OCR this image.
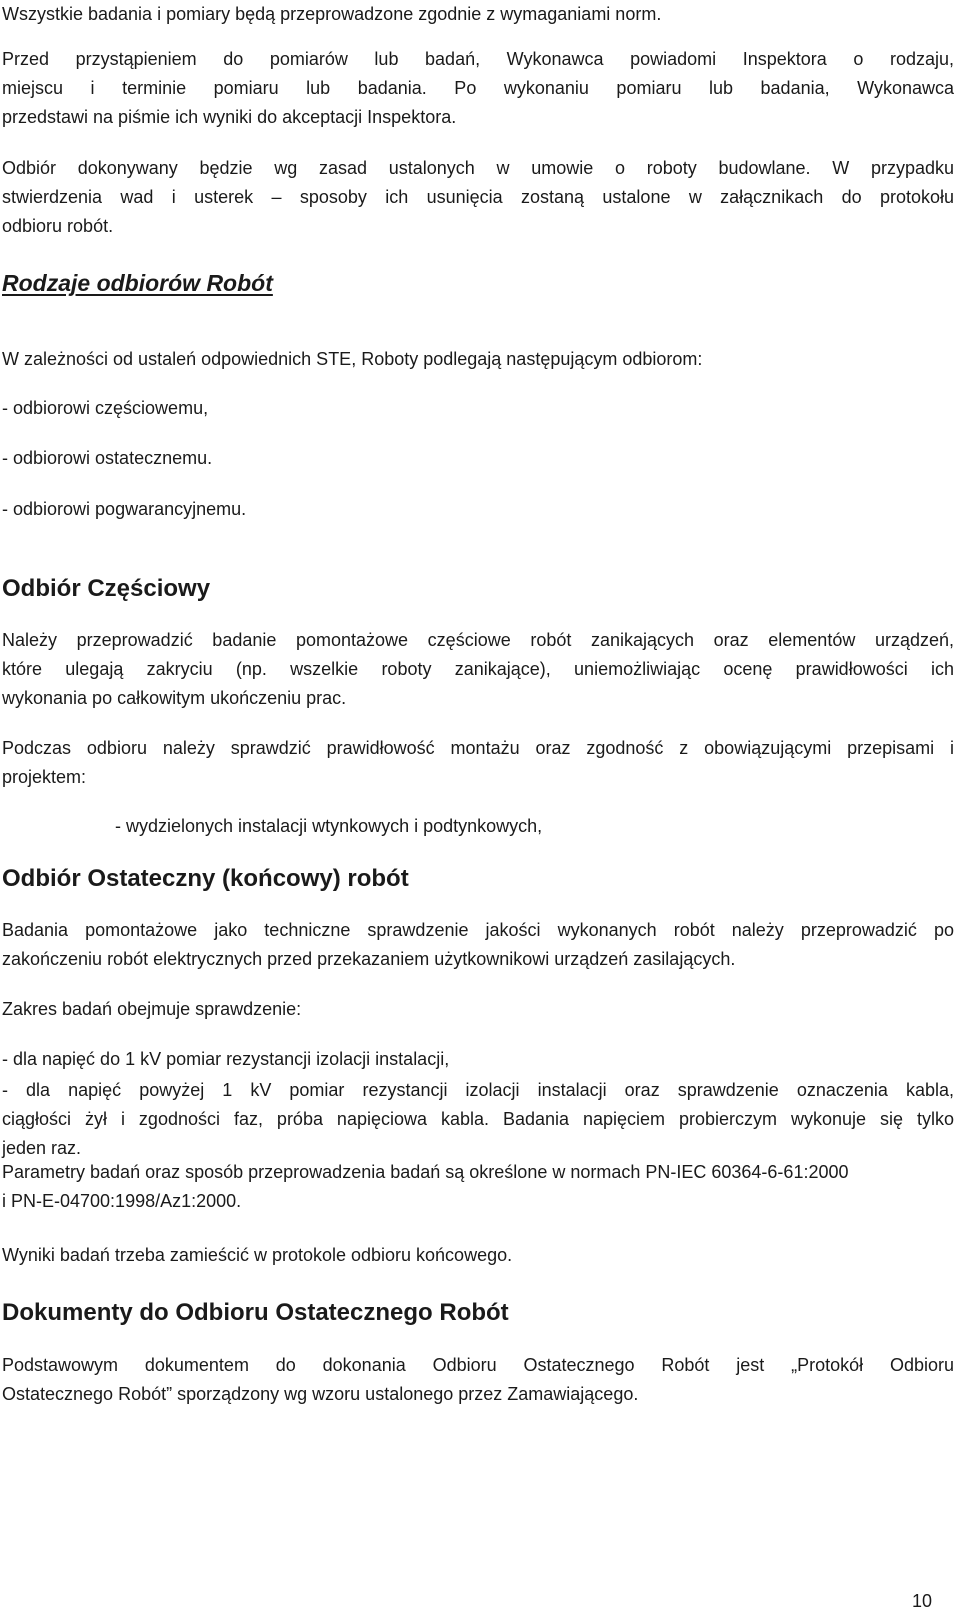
Wszystkie badania i pomiary będą przeprowadzone zgodnie z wymaganiami norm.

Przed przystąpieniem do pomiarów lub badań, Wykonawca powiadomi Inspektora o rodzaju,
miejscu i terminie pomiaru lub badania. Po wykonaniu pomiaru lub badania, Wykonawca
przedstawi na piśmie ich wyniki do akceptacji Inspektora.

Odbiór dokonywany będzie wg zasad ustalonych w umowie o roboty budowlane. W przypadku
stwierdzenia wad i usterek – sposoby ich usunięcia zostaną ustalone w załącznikach do protokołu
odbioru robót.

Rodzaje odbiorów Robót

W zależności od ustaleń odpowiednich STE, Roboty podlegają następującym odbiorom:

- odbiorowi częściowemu,

- odbiorowi ostatecznemu.

- odbiorowi pogwarancyjnemu.

Odbiór Częściowy

Należy przeprowadzić badanie pomontażowe częściowe robót zanikających oraz elementów urządzeń,
które ulegają zakryciu (np. wszelkie roboty zanikające), uniemożliwiając ocenę prawidłowości ich
wykonania po całkowitym ukończeniu prac.

Podczas odbioru należy sprawdzić prawidłowość montażu oraz zgodność z obowiązującymi przepisami i
projektem:

- wydzielonych instalacji wtynkowych i podtynkowych,

Odbiór Ostateczny (końcowy) robót

Badania pomontażowe jako techniczne sprawdzenie jakości wykonanych robót należy przeprowadzić po
zakończeniu robót elektrycznych przed przekazaniem użytkownikowi urządzeń zasilających.

Zakres badań obejmuje sprawdzenie:

- dla napięć do 1 kV pomiar rezystancji izolacji instalacji,

- dla napięć powyżej 1 kV pomiar rezystancji izolacji instalacji oraz sprawdzenie oznaczenia kabla,
ciągłości żył i zgodności faz, próba napięciowa kabla. Badania napięciem probierczym wykonuje się tylko
jeden raz.

Parametry badań oraz sposób przeprowadzenia badań są określone w normach PN-IEC 60364-6-61:2000
i PN-E-04700:1998/Az1:2000.

Wyniki badań trzeba zamieścić w protokole odbioru końcowego.

Dokumenty do Odbioru Ostatecznego Robót

Podstawowym dokumentem do dokonania Odbioru Ostatecznego Robót jest „Protokół Odbioru
Ostatecznego Robót” sporządzony wg wzoru ustalonego przez Zamawiającego.

10
